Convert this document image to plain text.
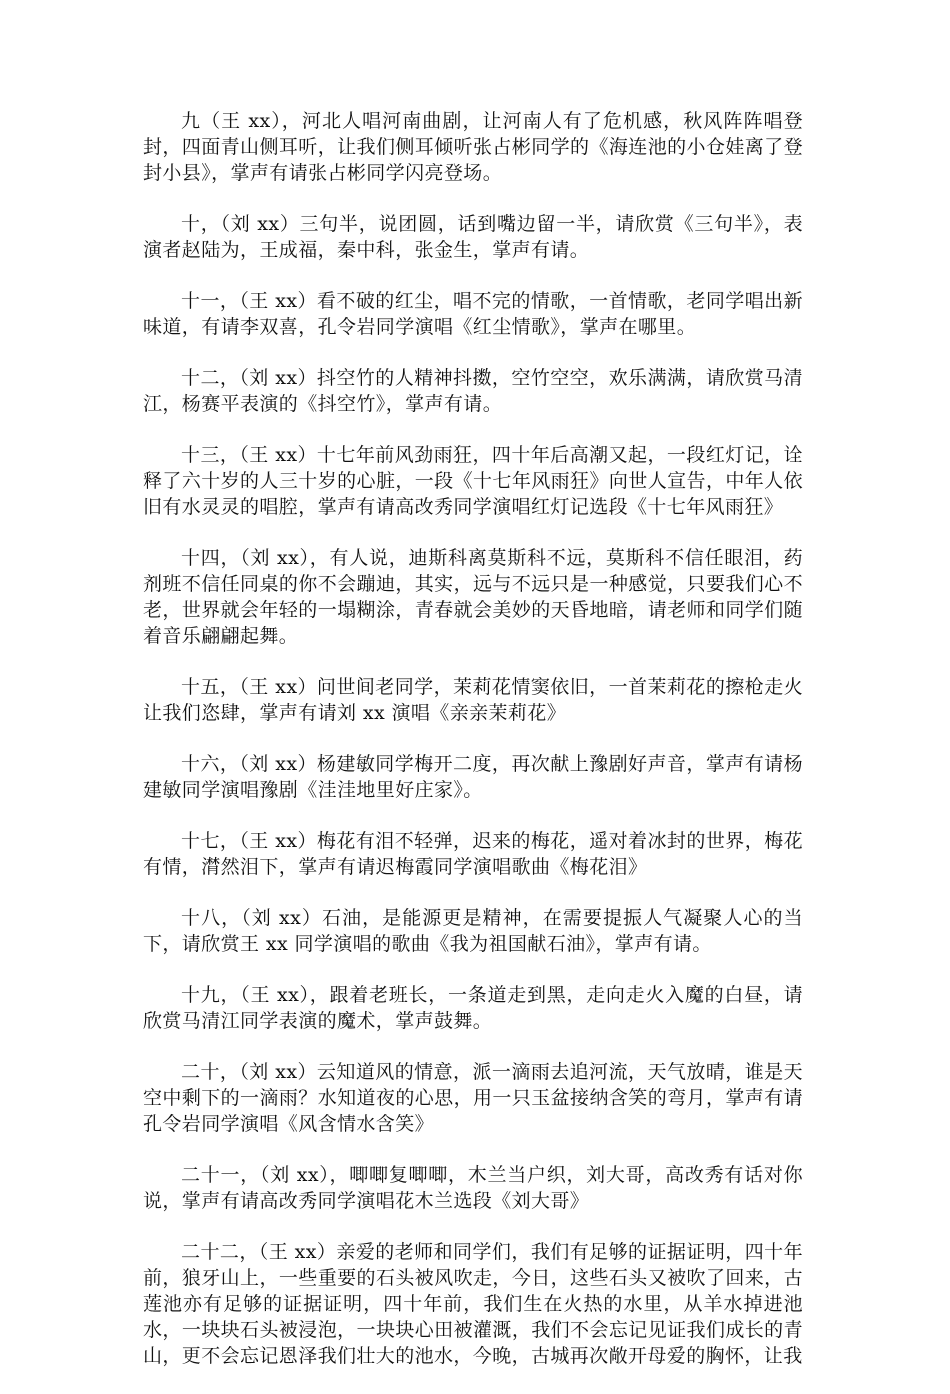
九（王 xx），河北人唱河南曲剧，让河南人有了危机感，秋风阵阵唱登封，四面青山侧耳听，让我们侧耳倾听张占彬同学的《海连池的小仓娃离了登封小县》，掌声有请张占彬同学闪亮登场。

十，（刘 xx）三句半，说团圆，话到嘴边留一半，请欣赏《三句半》，表演者赵陆为，王成福，秦中科，张金生，掌声有请。

十一，（王 xx）看不破的红尘，唱不完的情歌，一首情歌，老同学唱出新味道，有请李双喜，孔令岩同学演唱《红尘情歌》，掌声在哪里。

十二，（刘 xx）抖空竹的人精神抖擞，空竹空空，欢乐满满，请欣赏马清江，杨赛平表演的《抖空竹》，掌声有请。

十三，（王 xx）十七年前风劲雨狂，四十年后高潮又起，一段红灯记，诠释了六十岁的人三十岁的心脏，一段《十七年风雨狂》向世人宣告，中年人依旧有水灵灵的唱腔，掌声有请高改秀同学演唱红灯记选段《十七年风雨狂》

十四，（刘 xx），有人说，迪斯科离莫斯科不远，莫斯科不信任眼泪，药剂班不信任同桌的你不会蹦迪，其实，远与不远只是一种感觉，只要我们心不老，世界就会年轻的一塌糊涂，青春就会美妙的天昏地暗，请老师和同学们随着音乐翩翩起舞。

十五，（王 xx）问世间老同学，茉莉花情窦依旧，一首茉莉花的擦枪走火让我们恣肆，掌声有请刘 xx 演唱《亲亲茉莉花》

十六，（刘 xx）杨建敏同学梅开二度，再次献上豫剧好声音，掌声有请杨建敏同学演唱豫剧《洼洼地里好庄家》。

十七，（王 xx）梅花有泪不轻弹，迟来的梅花，遥对着冰封的世界，梅花有情，潸然泪下，掌声有请迟梅霞同学演唱歌曲《梅花泪》

十八，（刘 xx）石油，是能源更是精神，在需要提振人气凝聚人心的当下，请欣赏王 xx 同学演唱的歌曲《我为祖国献石油》，掌声有请。

十九，（王 xx），跟着老班长，一条道走到黑，走向走火入魔的白昼，请欣赏马清江同学表演的魔术，掌声鼓舞。

二十，（刘 xx）云知道风的情意，派一滴雨去追河流，天气放晴，谁是天空中剩下的一滴雨？水知道夜的心思，用一只玉盆接纳含笑的弯月，掌声有请孔令岩同学演唱《风含情水含笑》

二十一，（刘 xx），唧唧复唧唧，木兰当户织，刘大哥，高改秀有话对你说，掌声有请高改秀同学演唱花木兰选段《刘大哥》

二十二，（王 xx）亲爱的老师和同学们，我们有足够的证据证明，四十年前，狼牙山上，一些重要的石头被风吹走，今日，这些石头又被吹了回来，古莲池亦有足够的证据证明，四十年前，我们生在火热的水里，从羊水掉进池水，一块块石头被浸泡，一块块心田被灌溉，我们不会忘记见证我们成长的青山，更不会忘记恩泽我们壮大的池水，今晚，古城再次敞开母爱的胸怀，让我
